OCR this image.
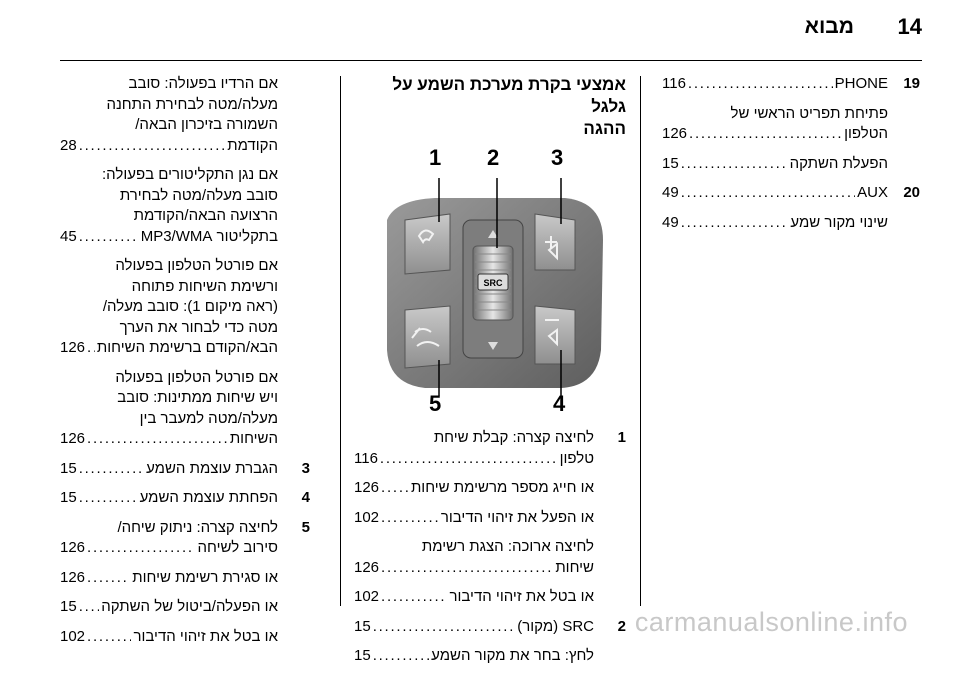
מבוא 14
19
PHONE
. . .
116
פתיחת תפריט הראשי של
הטלפון
. . .
126
הפעלת השתקה
. . .
15
20
AUX
. . .
49
שינוי מקור שמע
. . .
49
אמצעי בקרת מערכת השמע על גלגל
ההגה
SRC
1 2 3
4
5
1
לחיצה קצרה: קבלת שיחת
טלפון
. . .
116
או חייג מספר מרשימת שיחות
. . .
126
או הפעל את זיהוי הדיבור
. . .
102
לחיצה ארוכה: הצגת רשימת
שיחות
. . .
126
או בטל את זיהוי הדיבור
. . .
102
2
SRC (מקור)
. . .
15
לחץ: בחר את מקור השמע
. . .
15
אם הרדיו בפעולה: סובב
מעלה/מטה לבחירת התחנה
השמורה בזיכרון הבאה/
הקודמת
. . .
28
אם נגן התקליטורים בפעולה:
סובב מעלה/מטה לבחירת
הרצועה הבאה/הקודמת
בתקליטור MP3/WMA
. . .
45
אם פורטל הטלפון בפעולה
ורשימת השיחות פתוחה
(ראה מיקום 1): סובב מעלה/
מטה כדי לבחור את הערך
הבא/הקודם ברשימת השיחות
. . .
126
אם פורטל הטלפון בפעולה
ויש שיחות ממתינות: סובב
מעלה/מטה למעבר בין
השיחות
. . .
126
3
הגברת עוצמת השמע
. . .
15
4
הפחתת עוצמת השמע
. . .
15
5
לחיצה קצרה: ניתוק שיחה/
סירוב לשיחה
. . .
126
או סגירת רשימת שיחות
. . .
126
או הפעלה/ביטול של השתקה
. . .
15
או בטל את זיהוי הדיבור
. . .
102	carmanualsonline.info
